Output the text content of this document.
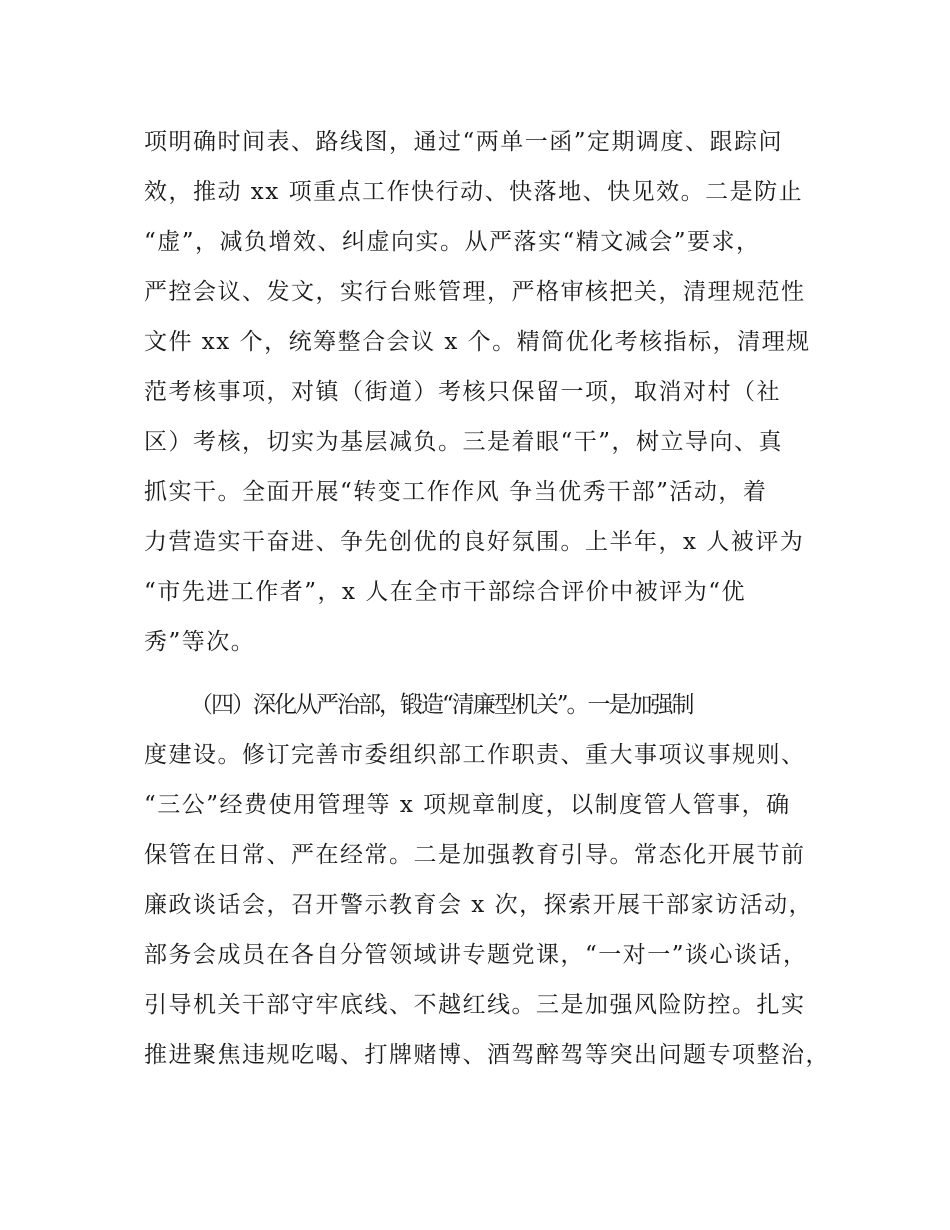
项明确时间表、路线图，通过“两单一函”定期调度、跟踪问
效，推动 xx 项重点工作快行动、快落地、快见效。二是防止
“虚”，减负增效、纠虚向实。从严落实“精文减会”要求，
严控会议、发文，实行台账管理，严格审核把关，清理规范性
文件 xx 个，统筹整合会议 x 个。精简优化考核指标，清理规
范考核事项，对镇（街道）考核只保留一项，取消对村（社
区）考核，切实为基层减负。三是着眼“干”，树立导向、真
抓实干。全面开展“转变工作作风 争当优秀干部”活动，着
力营造实干奋进、争先创优的良好氛围。上半年，x 人被评为
“市先进工作者”，x 人在全市干部综合评价中被评为“优
秀”等次。
（四）深化从严治部，锻造“清廉型机关”。一是加强制
度建设。修订完善市委组织部工作职责、重大事项议事规则、
“三公”经费使用管理等 x 项规章制度，以制度管人管事，确
保管在日常、严在经常。二是加强教育引导。常态化开展节前
廉政谈话会，召开警示教育会 x 次，探索开展干部家访活动，
部务会成员在各自分管领域讲专题党课，“一对一”谈心谈话，
引导机关干部守牢底线、不越红线。三是加强风险防控。扎实
推进聚焦违规吃喝、打牌赌博、酒驾醉驾等突出问题专项整治，
